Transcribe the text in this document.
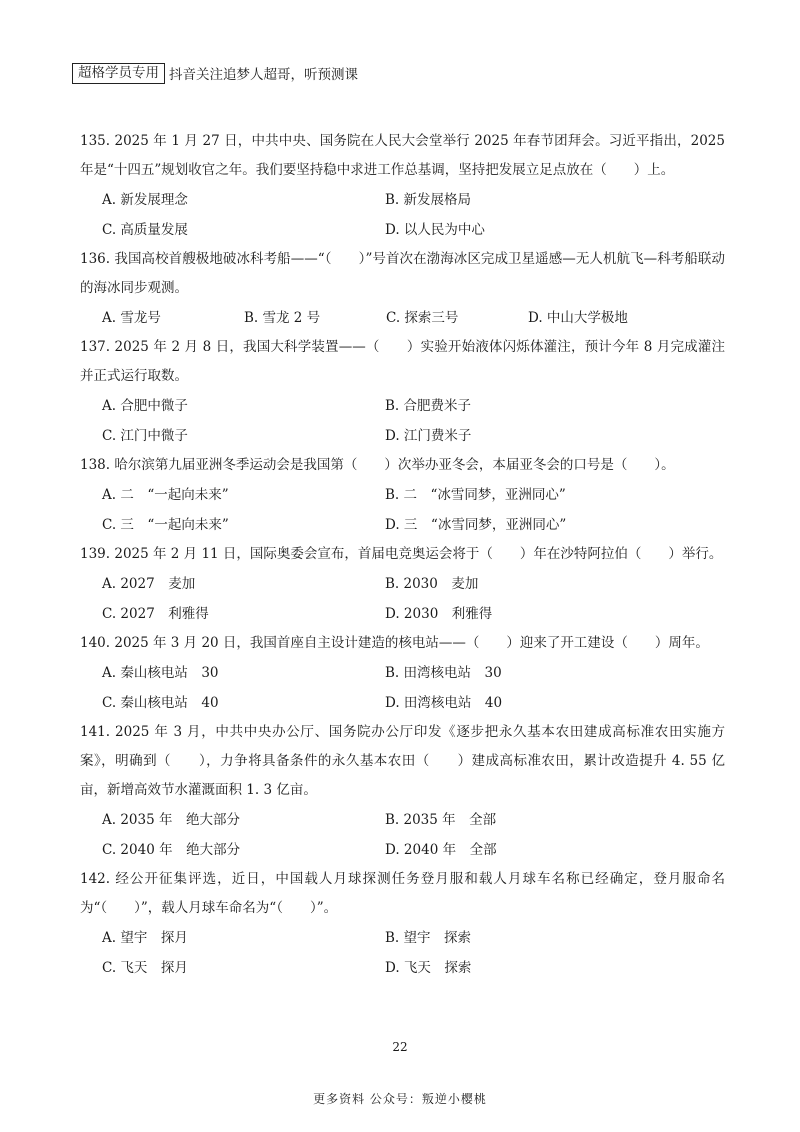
超格学员专用 抖音关注追梦人超哥，听预测课
135. 2025 年 1 月 27 日，中共中央、国务院在人民大会堂举行 2025 年春节团拜会。习近平指出，2025 年是“十四五”规划收官之年。我们要坚持稳中求进工作总基调，坚持把发展立足点放在（　　）上。
A. 新发展理念	B. 新发展格局
C. 高质量发展	D. 以人民为中心
136. 我国高校首艘极地破冰科考船——“（　　）”号首次在渤海冰区完成卫星遥感—无人机航飞—科考船联动的海冰同步观测。
A. 雪龙号	B. 雪龙 2 号	C. 探索三号	D. 中山大学极地
137. 2025 年 2 月 8 日，我国大科学装置——（　　）实验开始液体闪烁体灌注，预计今年 8 月完成灌注并正式运行取数。
A. 合肥中微子	B. 合肥费米子
C. 江门中微子	D. 江门费米子
138. 哈尔滨第九届亚洲冬季运动会是我国第（　　）次举办亚冬会，本届亚冬会的口号是（　　）。
A. 二　“一起向未来”	B. 二　“冰雪同梦，亚洲同心”
C. 三　“一起向未来”	D. 三　“冰雪同梦，亚洲同心”
139. 2025 年 2 月 11 日，国际奥委会宣布，首届电竞奥运会将于（　　）年在沙特阿拉伯（　　）举行。
A. 2027　麦加	B. 2030　麦加
C. 2027　利雅得	D. 2030　利雅得
140. 2025 年 3 月 20 日，我国首座自主设计建造的核电站——（　　）迎来了开工建设（　　）周年。
A. 秦山核电站　30	B. 田湾核电站　30
C. 秦山核电站　40	D. 田湾核电站　40
141. 2025 年 3 月，中共中央办公厅、国务院办公厅印发《逐步把永久基本农田建成高标准农田实施方案》，明确到（　　），力争将具备条件的永久基本农田（　　）建成高标准农田，累计改造提升 4. 55 亿亩，新增高效节水灌溉面积 1. 3 亿亩。
A. 2035 年　绝大部分	B. 2035 年　全部
C. 2040 年　绝大部分	D. 2040 年　全部
142. 经公开征集评选，近日，中国载人月球探测任务登月服和载人月球车名称已经确定，登月服命名为“（　　）”，载人月球车命名为“（　　）”。
A. 望宇　探月	B. 望宇　探索
C. 飞天　探月	D. 飞天　探索
22
更多资料 公众号：叛逆小樱桃
